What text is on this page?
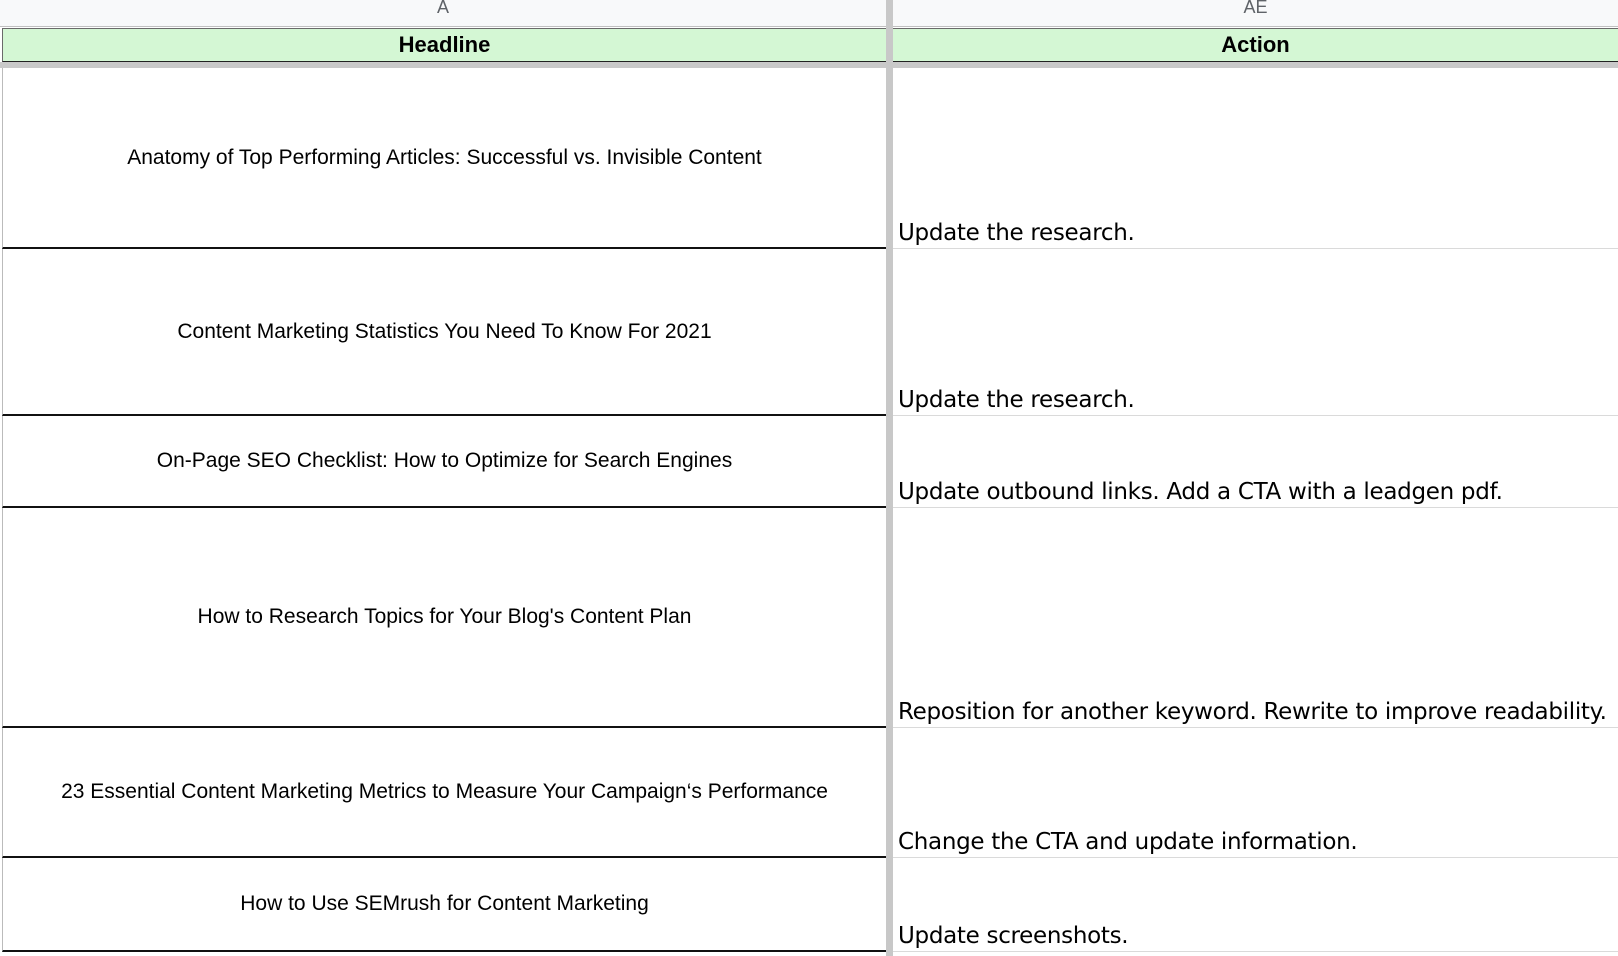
A	AE
Headline	Action
Anatomy of Top Performing Articles: Successful vs. Invisible Content
Update the research.
Content Marketing Statistics You Need To Know For 2021
Update the research.
On-Page SEO Checklist: How to Optimize for Search Engines
Update outbound links. Add a CTA with a leadgen pdf.
How to Research Topics for Your Blog's Content Plan
Reposition for another keyword. Rewrite to improve readability.
23 Essential Content Marketing Metrics to Measure Your Campaign‘s Performance
Change the CTA and update information.
How to Use SEMrush for Content Marketing
Update screenshots.
